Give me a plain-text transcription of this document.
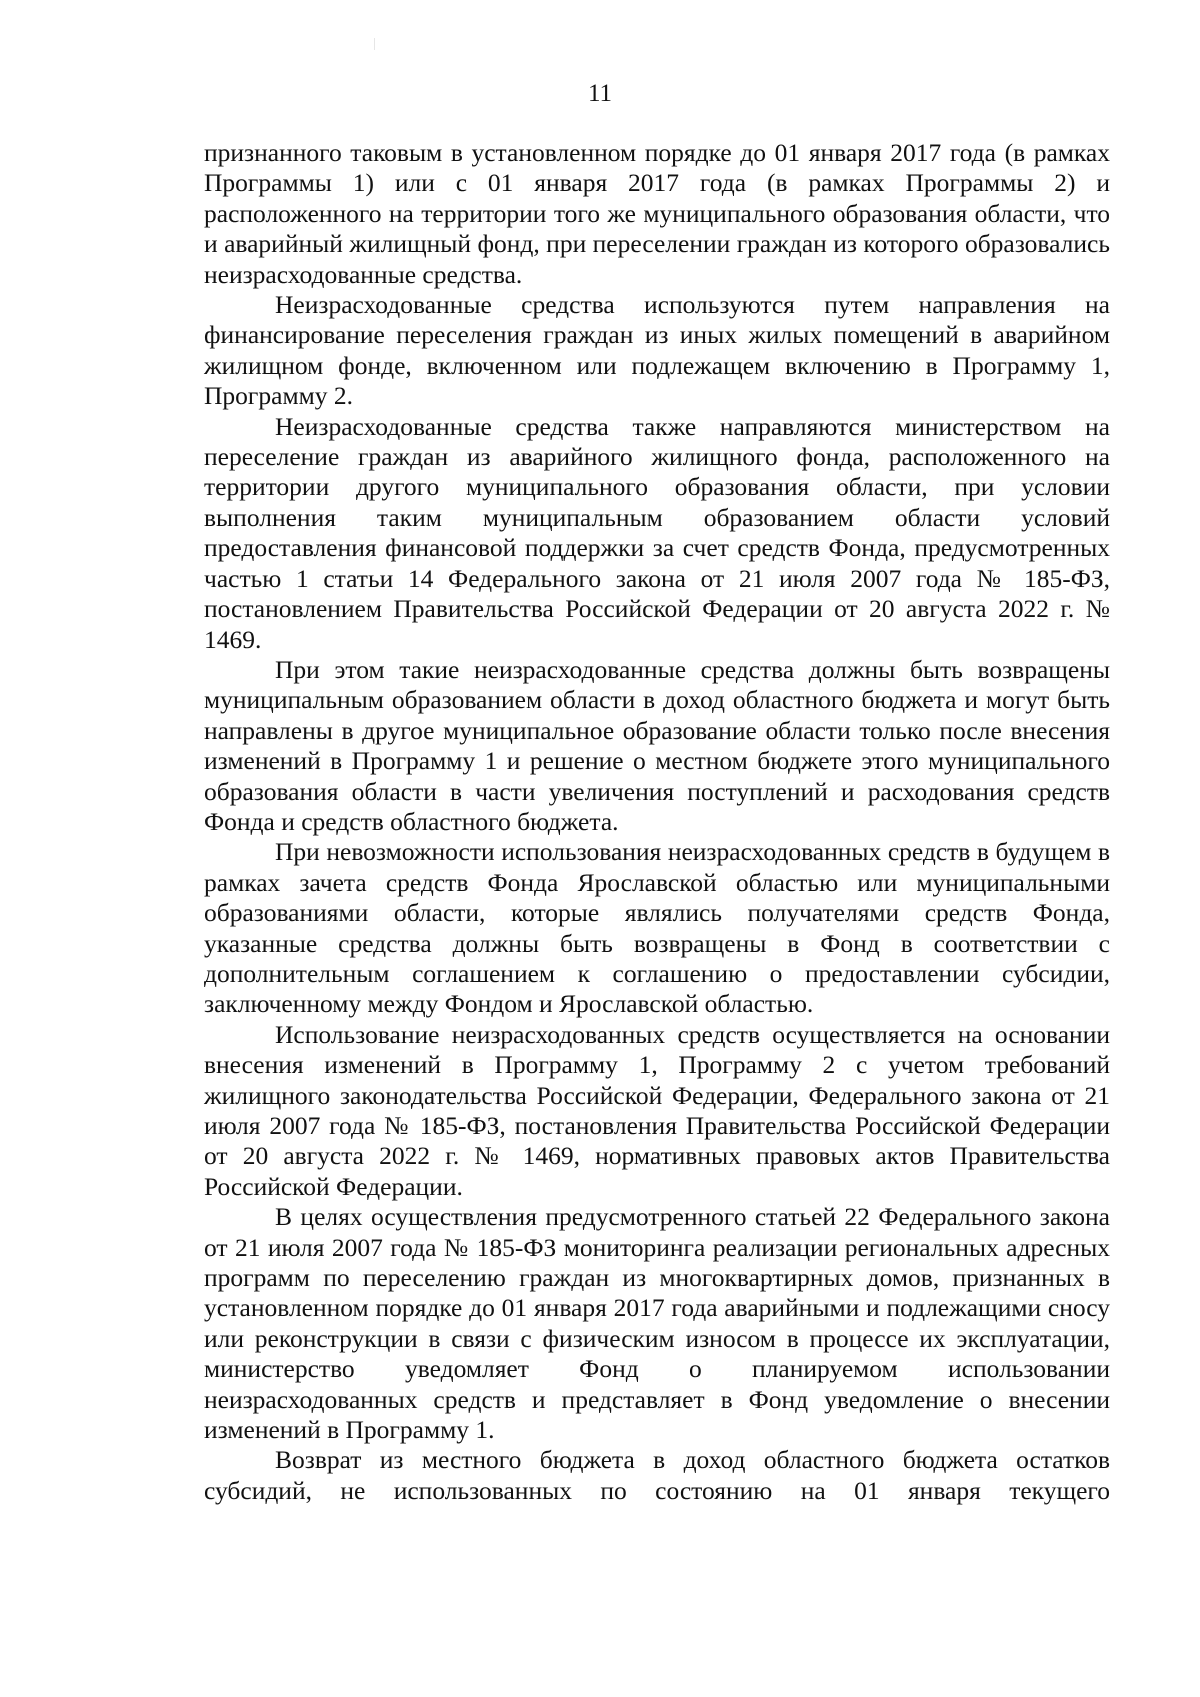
11

признанного таковым в установленном порядке до 01 января 2017 года (в рамках Программы 1) или с 01 января 2017 года (в рамках Программы 2) и расположенного на территории того же муниципального образования области, что и аварийный жилищный фонд, при переселении граждан из которого образовались неизрасходованные средства.

Неизрасходованные средства используются путем направления на финансирование переселения граждан из иных жилых помещений в аварийном жилищном фонде, включенном или подлежащем включению в Программу 1, Программу 2.

Неизрасходованные средства также направляются министерством на переселение граждан из аварийного жилищного фонда, расположенного на территории другого муниципального образования области, при условии выполнения таким муниципальным образованием области условий предоставления финансовой поддержки за счет средств Фонда, предусмотренных частью 1 статьи 14 Федерального закона от 21 июля 2007 года № 185-ФЗ, постановлением Правительства Российской Федерации от 20 августа 2022 г. № 1469.

При этом такие неизрасходованные средства должны быть возвращены муниципальным образованием области в доход областного бюджета и могут быть направлены в другое муниципальное образование области только после внесения изменений в Программу 1 и решение о местном бюджете этого муниципального образования области в части увеличения поступлений и расходования средств Фонда и средств областного бюджета.

При невозможности использования неизрасходованных средств в будущем в рамках зачета средств Фонда Ярославской областью или муниципальными образованиями области, которые являлись получателями средств Фонда, указанные средства должны быть возвращены в Фонд в соответствии с дополнительным соглашением к соглашению о предоставлении субсидии, заключенному между Фондом и Ярославской областью.

Использование неизрасходованных средств осуществляется на основании внесения изменений в Программу 1, Программу 2 с учетом требований жилищного законодательства Российской Федерации, Федерального закона от 21 июля 2007 года № 185-ФЗ, постановления Правительства Российской Федерации от 20 августа 2022 г. № 1469, нормативных правовых актов Правительства Российской Федерации.

В целях осуществления предусмотренного статьей 22 Федерального закона от 21 июля 2007 года № 185-ФЗ мониторинга реализации региональных адресных программ по переселению граждан из многоквартирных домов, признанных в установленном порядке до 01 января 2017 года аварийными и подлежащими сносу или реконструкции в связи с физическим износом в процессе их эксплуатации, министерство уведомляет Фонд о планируемом использовании неизрасходованных средств и представляет в Фонд уведомление о внесении изменений в Программу 1.

Возврат из местного бюджета в доход областного бюджета остатков субсидий, не использованных по состоянию на 01 января текущего
